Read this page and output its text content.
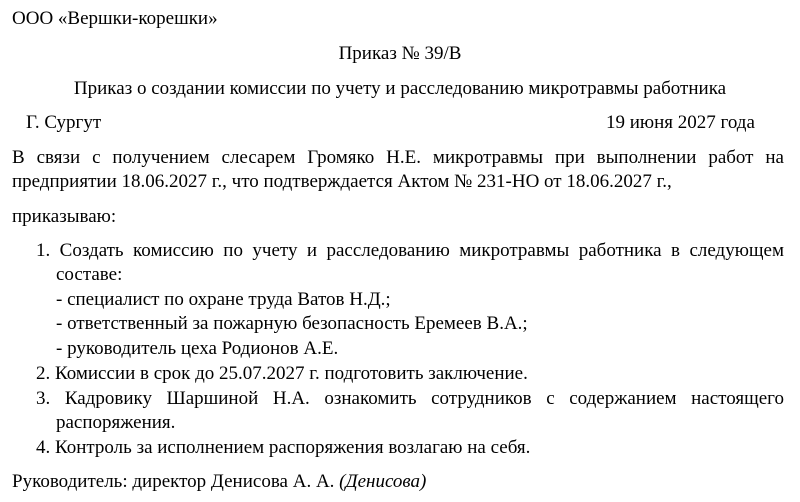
ООО «Вершки-корешки»
Приказ № 39/В
Приказ о создании комиссии по учету и расследованию микротравмы работника
Г. Сургут	19 июня 2027 года
В связи с получением слесарем Громяко Н.Е. микротравмы при выполнении работ на
предприятии 18.06.2027 г., что подтверждается Актом № 231-НО от 18.06.2027 г.,
приказываю:
1. Создать комиссию по учету и расследованию микротравмы работника в следующем
составе:
- специалист по охране труда Ватов Н.Д.;
- ответственный за пожарную безопасность Еремеев В.А.;
- руководитель цеха Родионов А.Е.
2. Комиссии в срок до 25.07.2027 г. подготовить заключение.
3. Кадровику Шаршиной Н.А. ознакомить сотрудников с содержанием настоящего
распоряжения.
4. Контроль за исполнением распоряжения возлагаю на себя.
Руководитель: директор Денисова А. А. (Денисова)
